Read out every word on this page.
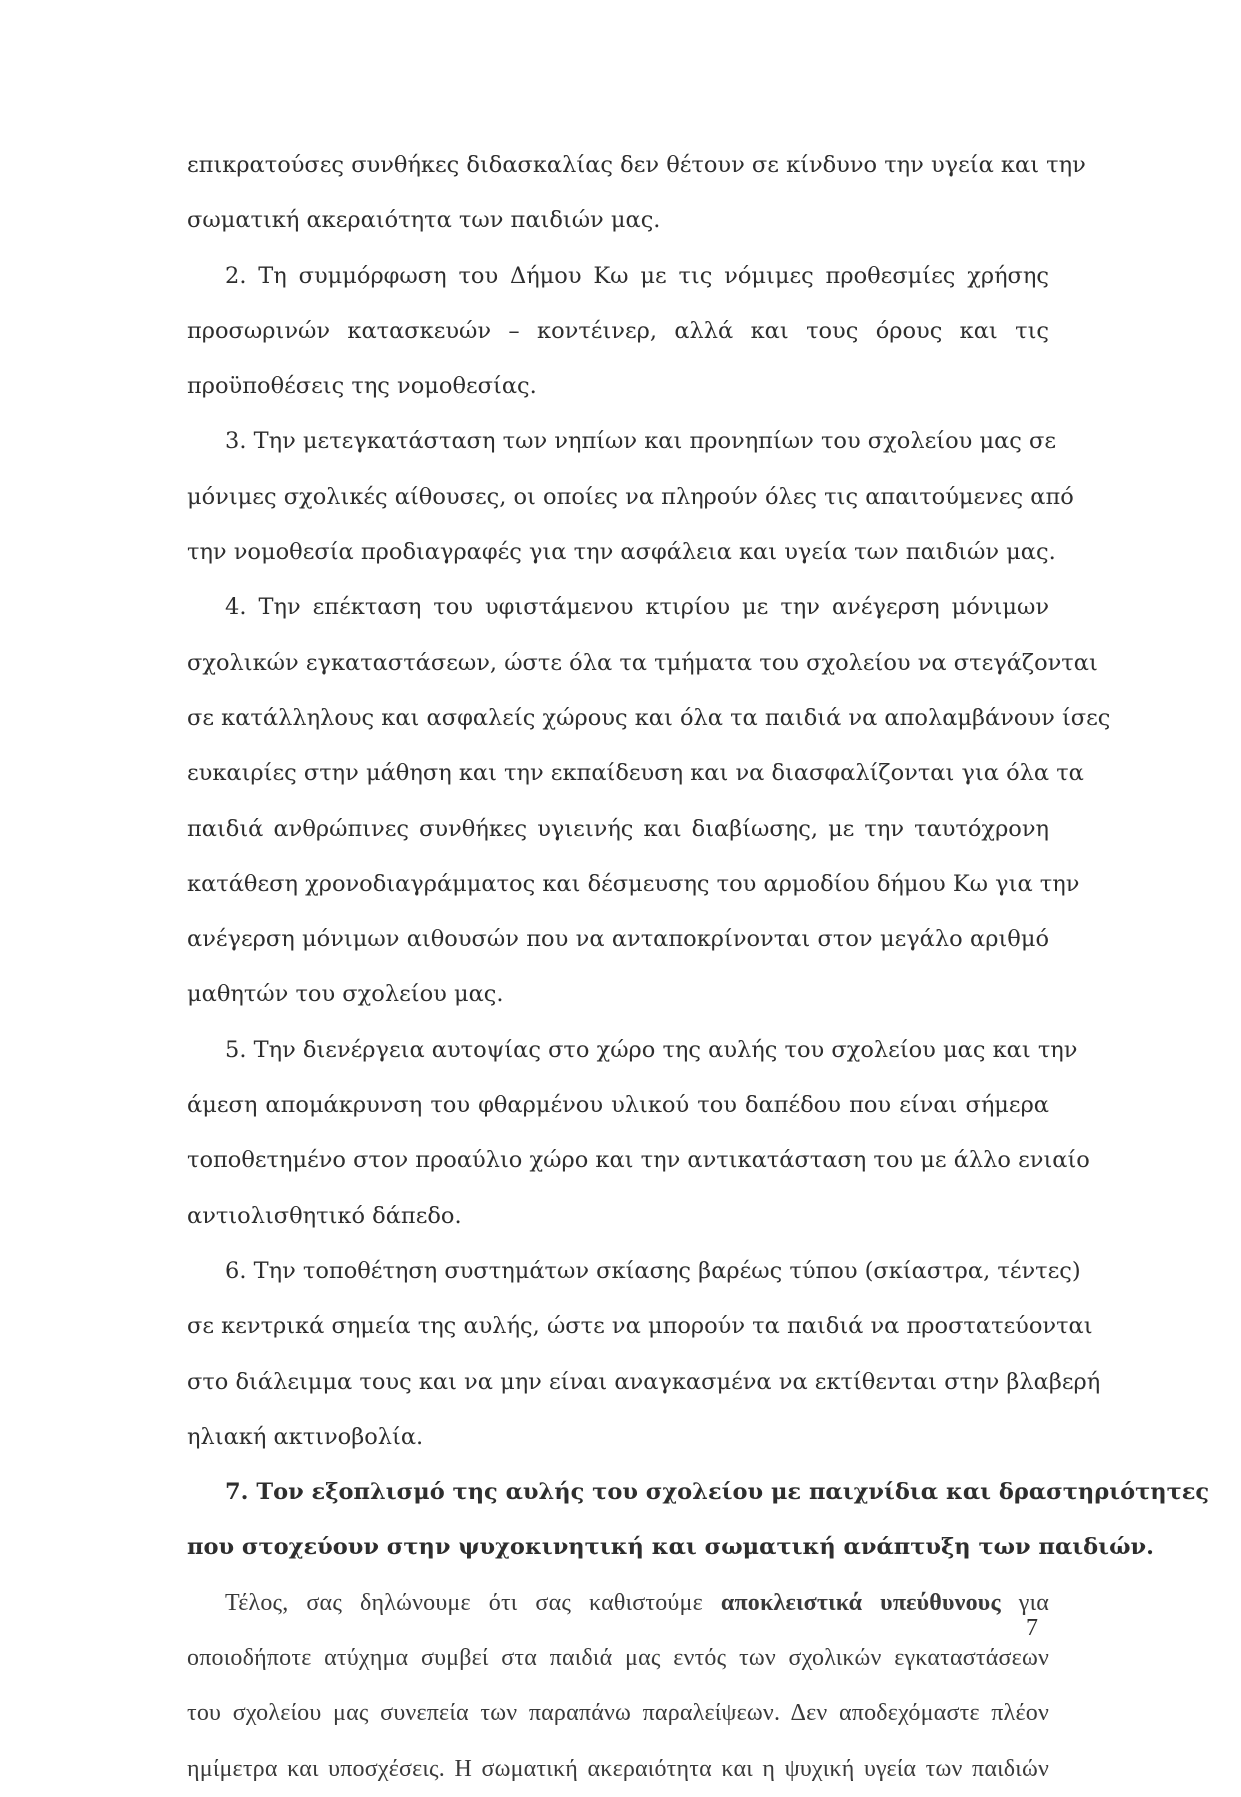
επικρατούσες συνθήκες διδασκαλίας δεν θέτουν σε κίνδυνο την υγεία και την
σωματική ακεραιότητα των παιδιών μας.
2. Τη συμμόρφωση του Δήμου Κω με τις νόμιμες προθεσμίες χρήσης
προσωρινών κατασκευών – κοντέινερ, αλλά και τους όρους και τις
προϋποθέσεις της νομοθεσίας.
3. Την μετεγκατάσταση των νηπίων και προνηπίων του σχολείου μας σε
μόνιμες σχολικές αίθουσες, οι οποίες να πληρούν όλες τις απαιτούμενες από
την νομοθεσία προδιαγραφές για την ασφάλεια και υγεία των παιδιών μας.
4. Την επέκταση του υφιστάμενου κτιρίου με την ανέγερση μόνιμων
σχολικών εγκαταστάσεων, ώστε όλα τα τμήματα του σχολείου να στεγάζονται
σε κατάλληλους και ασφαλείς χώρους και όλα τα παιδιά να απολαμβάνουν ίσες
ευκαιρίες στην μάθηση και την εκπαίδευση και να διασφαλίζονται για όλα τα
παιδιά ανθρώπινες συνθήκες υγιεινής και διαβίωσης, με την ταυτόχρονη
κατάθεση χρονοδιαγράμματος και δέσμευσης του αρμοδίου δήμου Κω για την
ανέγερση μόνιμων αιθουσών που να ανταποκρίνονται στον μεγάλο αριθμό
μαθητών του σχολείου μας.
5. Την διενέργεια αυτοψίας στο χώρο της αυλής του σχολείου μας και την
άμεση απομάκρυνση του φθαρμένου υλικού του δαπέδου που είναι σήμερα
τοποθετημένο στον προαύλιο χώρο και την αντικατάσταση του με άλλο ενιαίο
αντιολισθητικό δάπεδο.
6. Την τοποθέτηση συστημάτων σκίασης βαρέως τύπου (σκίαστρα, τέντες)
σε κεντρικά σημεία της αυλής, ώστε να μπορούν τα παιδιά να προστατεύονται
στο διάλειμμα τους και να μην είναι αναγκασμένα να εκτίθενται στην βλαβερή
ηλιακή ακτινοβολία.
7. Τον εξοπλισμό της αυλής του σχολείου με παιχνίδια και δραστηριότητες
που στοχεύουν στην ψυχοκινητική και σωματική ανάπτυξη των παιδιών.
Τέλος, σας δηλώνουμε ότι σας καθιστούμε αποκλειστικά υπεύθυνους για
οποιοδήποτε ατύχημα συμβεί στα παιδιά μας εντός των σχολικών εγκαταστάσεων
του σχολείου μας συνεπεία των παραπάνω παραλείψεων. Δεν αποδεχόμαστε πλέον
ημίμετρα και υποσχέσεις. Η σωματική ακεραιότητα και η ψυχική υγεία των παιδιών
7
